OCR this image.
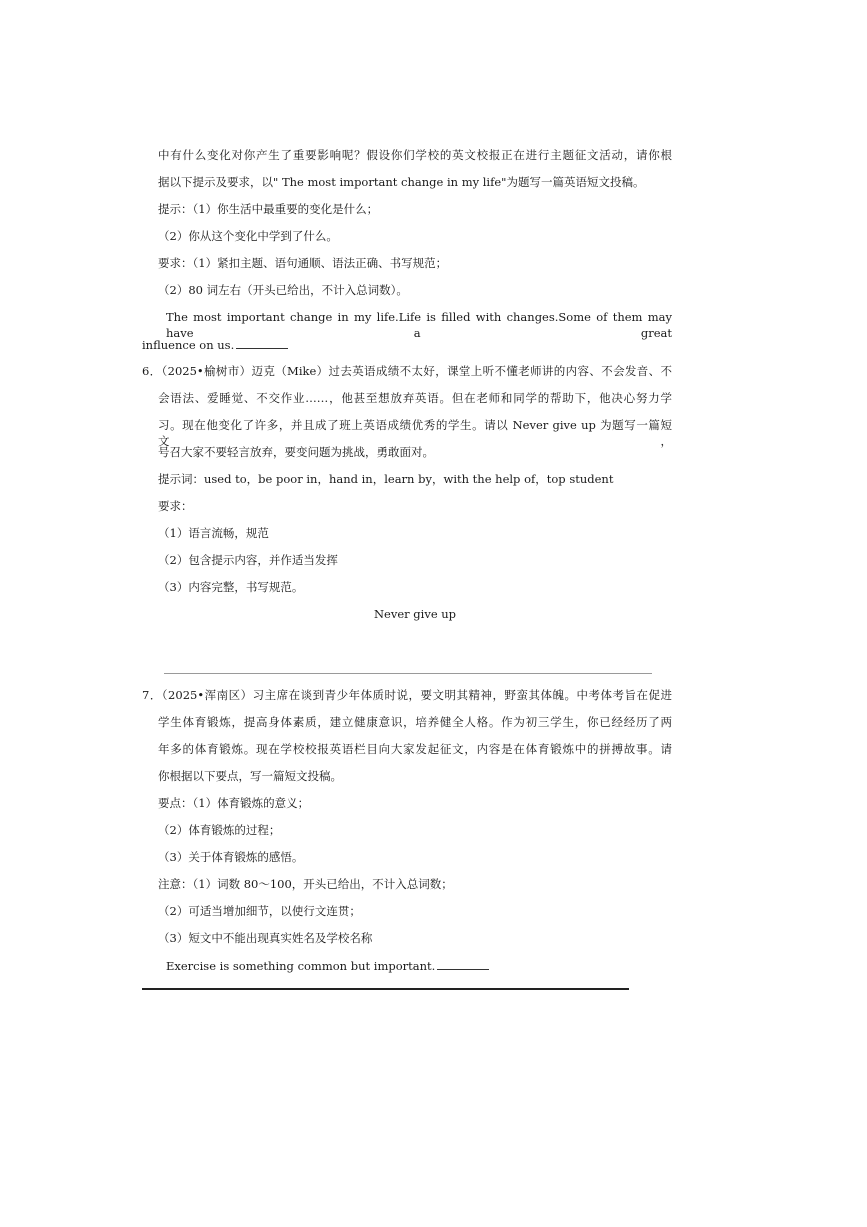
中有什么变化对你产生了重要影响呢？假设你们学校的英文校报正在进行主题征文活动，请你根
据以下提示及要求，以" The most important change in my life"为题写一篇英语短文投稿。
提示：（1）你生活中最重要的变化是什么；
（2）你从这个变化中学到了什么。
要求：（1）紧扣主题、语句通顺、语法正确、书写规范；
（2）80 词左右（开头已给出，不计入总词数）。
The most important change in my life.Life is filled with changes.Some of them may have a great
influence on us.
6．（2025•榆树市）迈克（Mike）过去英语成绩不太好，课堂上听不懂老师讲的内容、不会发音、不
会语法、爱睡觉、不交作业……，他甚至想放弃英语。但在老师和同学的帮助下，他决心努力学
习。现在他变化了许多，并且成了班上英语成绩优秀的学生。请以 Never give up 为题写一篇短文，
号召大家不要轻言放弃，要变问题为挑战，勇敢面对。
提示词：used to，be poor in，hand in，learn by，with the help of，top student
要求：
（1）语言流畅，规范
（2）包含提示内容，并作适当发挥
（3）内容完整，书写规范。
Never give up
7．（2025•浑南区）习主席在谈到青少年体质时说，要文明其精神，野蛮其体魄。中考体考旨在促进
学生体育锻炼，提高身体素质，建立健康意识，培养健全人格。作为初三学生，你已经经历了两
年多的体育锻炼。现在学校校报英语栏目向大家发起征文，内容是在体育锻炼中的拼搏故事。请
你根据以下要点，写一篇短文投稿。
要点：（1）体育锻炼的意义；
（2）体育锻炼的过程；
（3）关于体育锻炼的感悟。
注意：（1）词数 80～100，开头已给出，不计入总词数；
（2）可适当增加细节，以使行文连贯；
（3）短文中不能出现真实姓名及学校名称
Exercise is something common but important.
